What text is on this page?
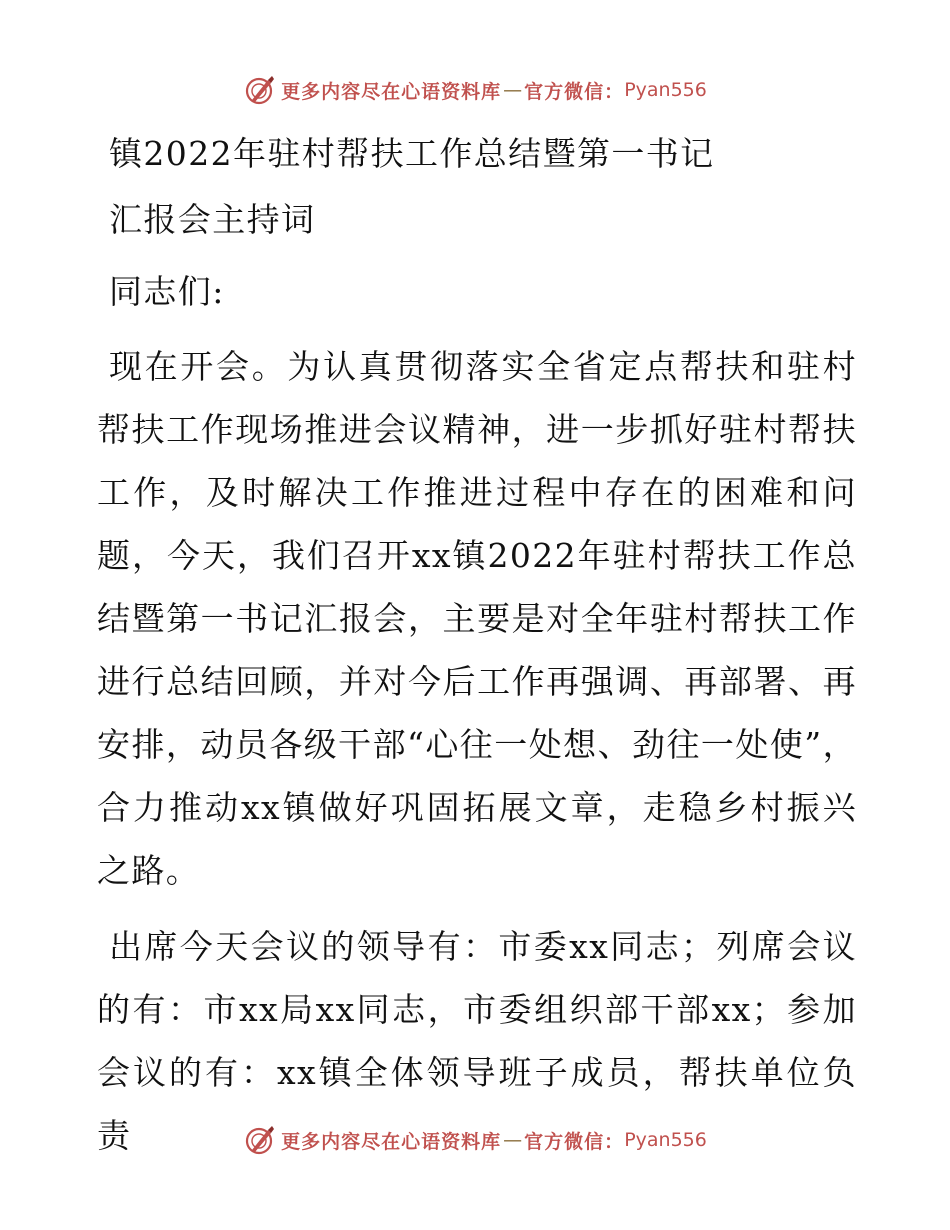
更多内容尽在心语资料库 — 官方微信： Pyan556

镇2022年驻村帮扶工作总结暨第一书记

汇报会主持词

同志们:

现在开会。为认真贯彻落实全省定点帮扶和驻村帮扶工作现场推进会议精神，进一步抓好驻村帮扶工作，及时解决工作推进过程中存在的困难和问题，今天，我们召开xx镇2022年驻村帮扶工作总结暨第一书记汇报会，主要是对全年驻村帮扶工作进行总结回顾，并对今后工作再强调、再部署、再安排，动员各级干部“心往一处想、劲往一处使”，合力推动xx镇做好巩固拓展文章，走稳乡村振兴之路。

出席今天会议的领导有：市委xx同志；列席会议的有：市xx局xx同志，市委组织部干部xx；参加会议的有：xx镇全体领导班子成员，帮扶单位负责	更多内容尽在心语资料库 — 官方微信： Pyan556
